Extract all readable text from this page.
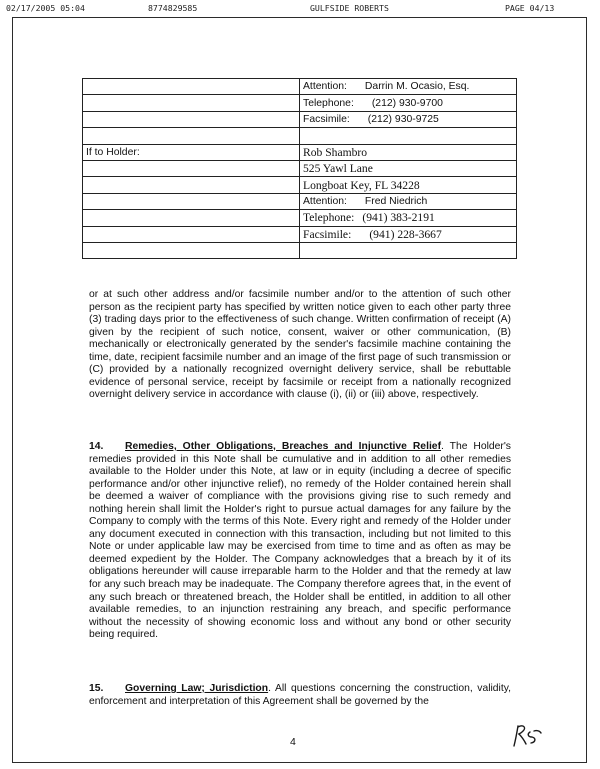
02/17/2005 05:04	8774829585	GULFSIDE ROBERTS	PAGE 04/13
	Attention: Darrin M. Ocasio, Esq.
	Telephone: (212) 930-9700
	Facsimile: (212) 930-9725

If to Holder:	Rob Shambro
	525 Yawl Lane
	Longboat Key, FL 34228
	Attention: Fred Niedrich
	Telephone: (941) 383-2191
	Facsimile: (941) 228-3667

or at such other address and/or facsimile number and/or to the attention of such other person as the recipient party has specified by written notice given to each other party three (3) trading days prior to the effectiveness of such change. Written confirmation of receipt (A) given by the recipient of such notice, consent, waiver or other communication, (B) mechanically or electronically generated by the sender's facsimile machine containing the time, date, recipient facsimile number and an image of the first page of such transmission or (C) provided by a nationally recognized overnight delivery service, shall be rebuttable evidence of personal service, receipt by facsimile or receipt from a nationally recognized overnight delivery service in accordance with clause (i), (ii) or (iii) above, respectively.

14. Remedies, Other Obligations, Breaches and Injunctive Relief. The Holder's remedies provided in this Note shall be cumulative and in addition to all other remedies available to the Holder under this Note, at law or in equity (including a decree of specific performance and/or other injunctive relief), no remedy of the Holder contained herein shall be deemed a waiver of compliance with the provisions giving rise to such remedy and nothing herein shall limit the Holder's right to pursue actual damages for any failure by the Company to comply with the terms of this Note. Every right and remedy of the Holder under any document executed in connection with this transaction, including but not limited to this Note or under applicable law may be exercised from time to time and as often as may be deemed expedient by the Holder. The Company acknowledges that a breach by it of its obligations hereunder will cause irreparable harm to the Holder and that the remedy at law for any such breach may be inadequate. The Company therefore agrees that, in the event of any such breach or threatened breach, the Holder shall be entitled, in addition to all other available remedies, to an injunction restraining any breach, and specific performance without the necessity of showing economic loss and without any bond or other security being required.

15. Governing Law; Jurisdiction. All questions concerning the construction, validity, enforcement and interpretation of this Agreement shall be governed by the

4
